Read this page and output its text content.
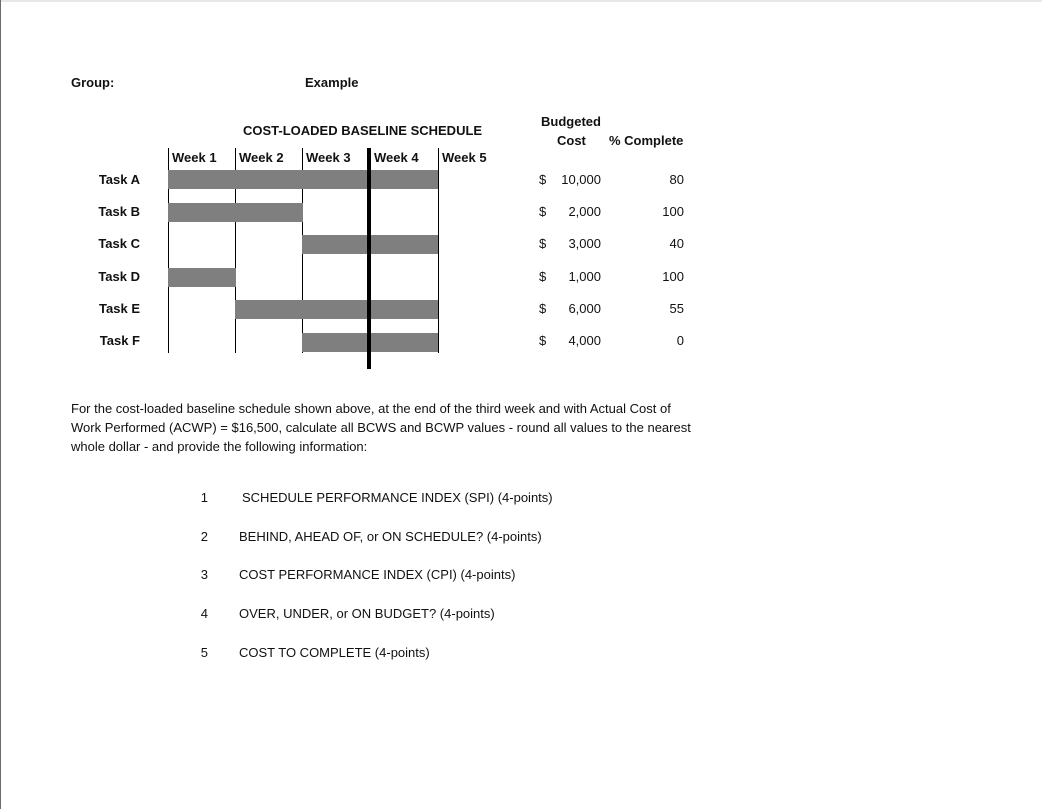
Group:	Example
COST-LOADED BASELINE SCHEDULE
Budgeted
Cost % Complete
Week 1 Week 2 Week 3 Week 4 Week 5
Task A	$ 10,000	80
Task B	$ 2,000	100
Task C	$ 3,000	40
Task D	$ 1,000	100
Task E	$ 6,000	55
Task F	$ 4,000	0
For the cost-loaded baseline schedule shown above, at the end of the third week and with Actual Cost of Work Performed (ACWP) = $16,500, calculate all BCWS and BCWP values - round all values to the nearest whole dollar - and provide the following information:
1	SCHEDULE PERFORMANCE INDEX (SPI) (4-points)
2 BEHIND, AHEAD OF, or ON SCHEDULE? (4-points)
3 COST PERFORMANCE INDEX (CPI) (4-points)
4 OVER, UNDER, or ON BUDGET? (4-points)
5 COST TO COMPLETE (4-points)
